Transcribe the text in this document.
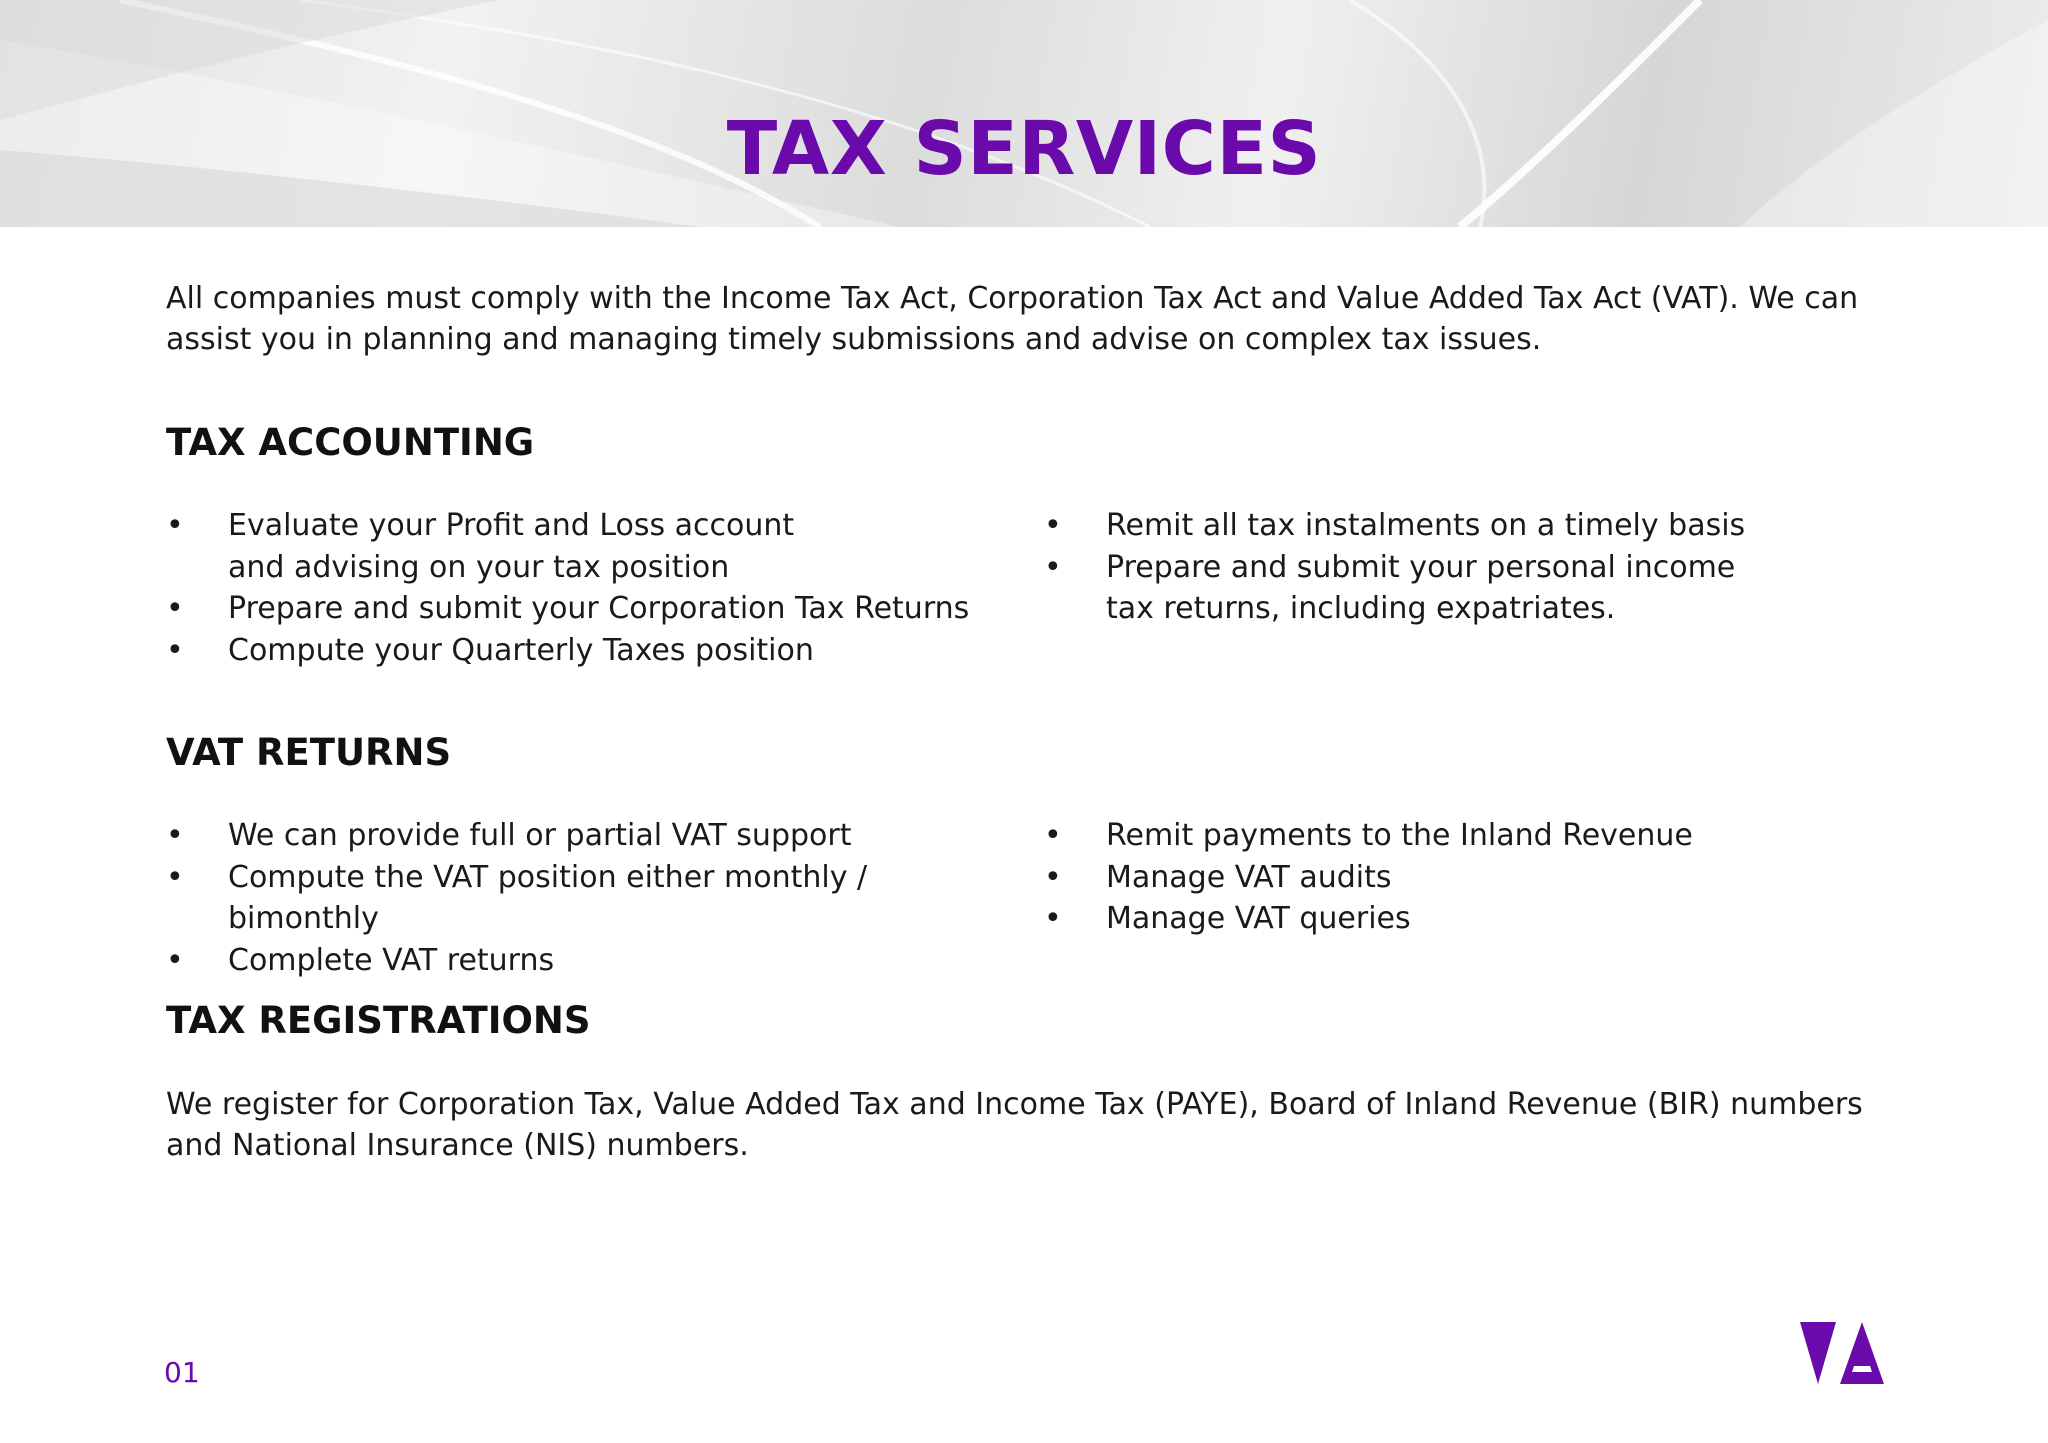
TAX SERVICES

All companies must comply with the Income Tax Act, Corporation Tax Act and Value Added Tax Act (VAT). We can assist you in planning and managing timely submissions and advise on complex tax issues.

TAX ACCOUNTING
• Evaluate your Profit and Loss account
and advising on your tax position
• Prepare and submit your Corporation Tax Returns
• Compute your Quarterly Taxes position
• Remit all tax instalments on a timely basis
• Prepare and submit your personal income
tax returns, including expatriates.
VAT RETURNS
• We can provide full or partial VAT support
• Compute the VAT position either monthly / bimonthly
• Complete VAT returns
• Remit payments to the Inland Revenue
• Manage VAT audits
• Manage VAT queries
TAX REGISTRATIONS

We register for Corporation Tax, Value Added Tax and Income Tax (PAYE), Board of Inland Revenue (BIR) numbers and National Insurance (NIS) numbers.

01
